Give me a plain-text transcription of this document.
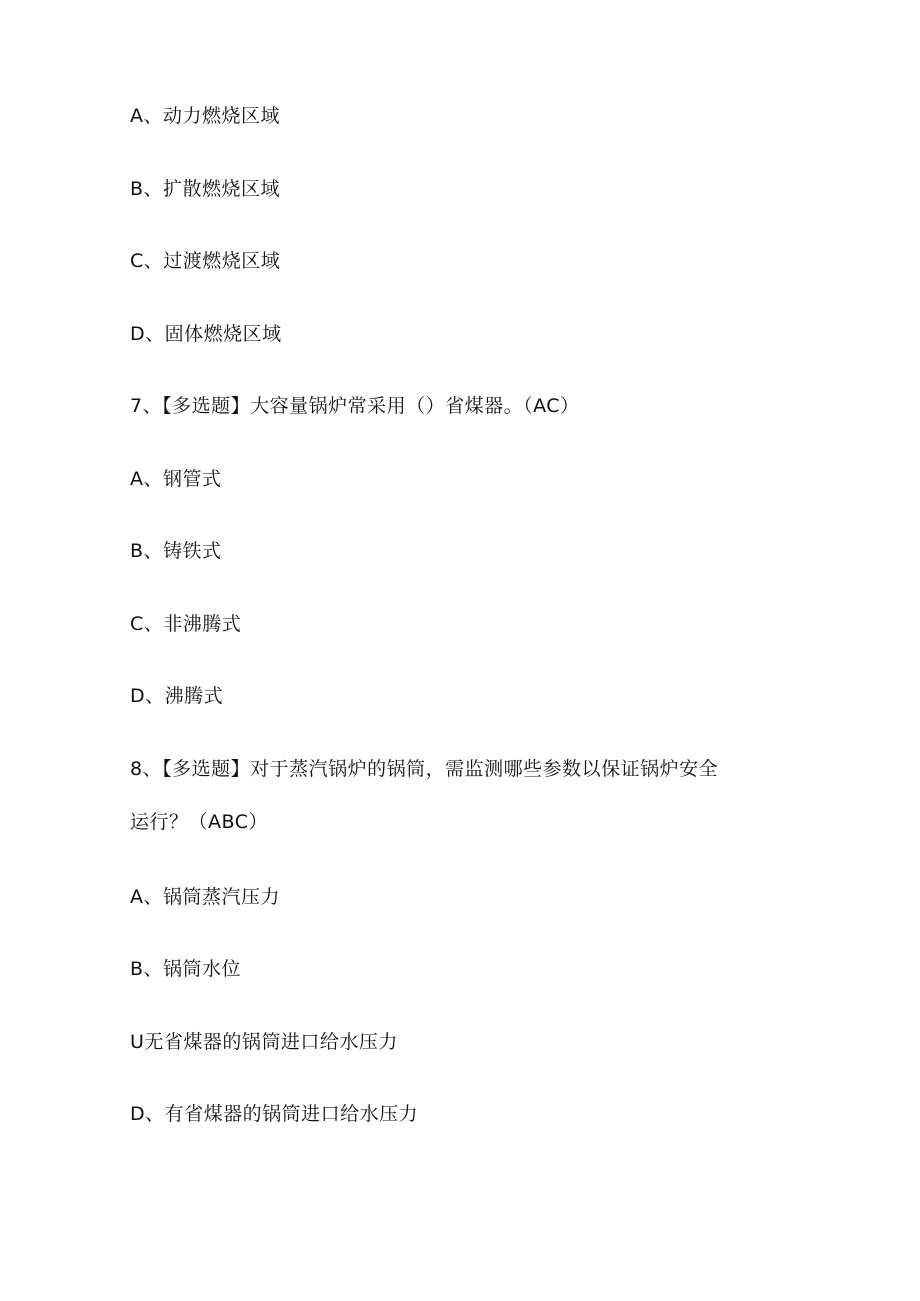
A、动力燃烧区域
B、扩散燃烧区域
C、过渡燃烧区域
D、固体燃烧区域
7、【多选题】大容量锅炉常采用（）省煤器。（AC）
A、钢管式
B、铸铁式
C、非沸腾式
D、沸腾式
8、【多选题】对于蒸汽锅炉的锅筒，需监测哪些参数以保证锅炉安全
运行？（ABC）
A、锅筒蒸汽压力
B、锅筒水位
U无省煤器的锅筒进口给水压力
D、有省煤器的锅筒进口给水压力
